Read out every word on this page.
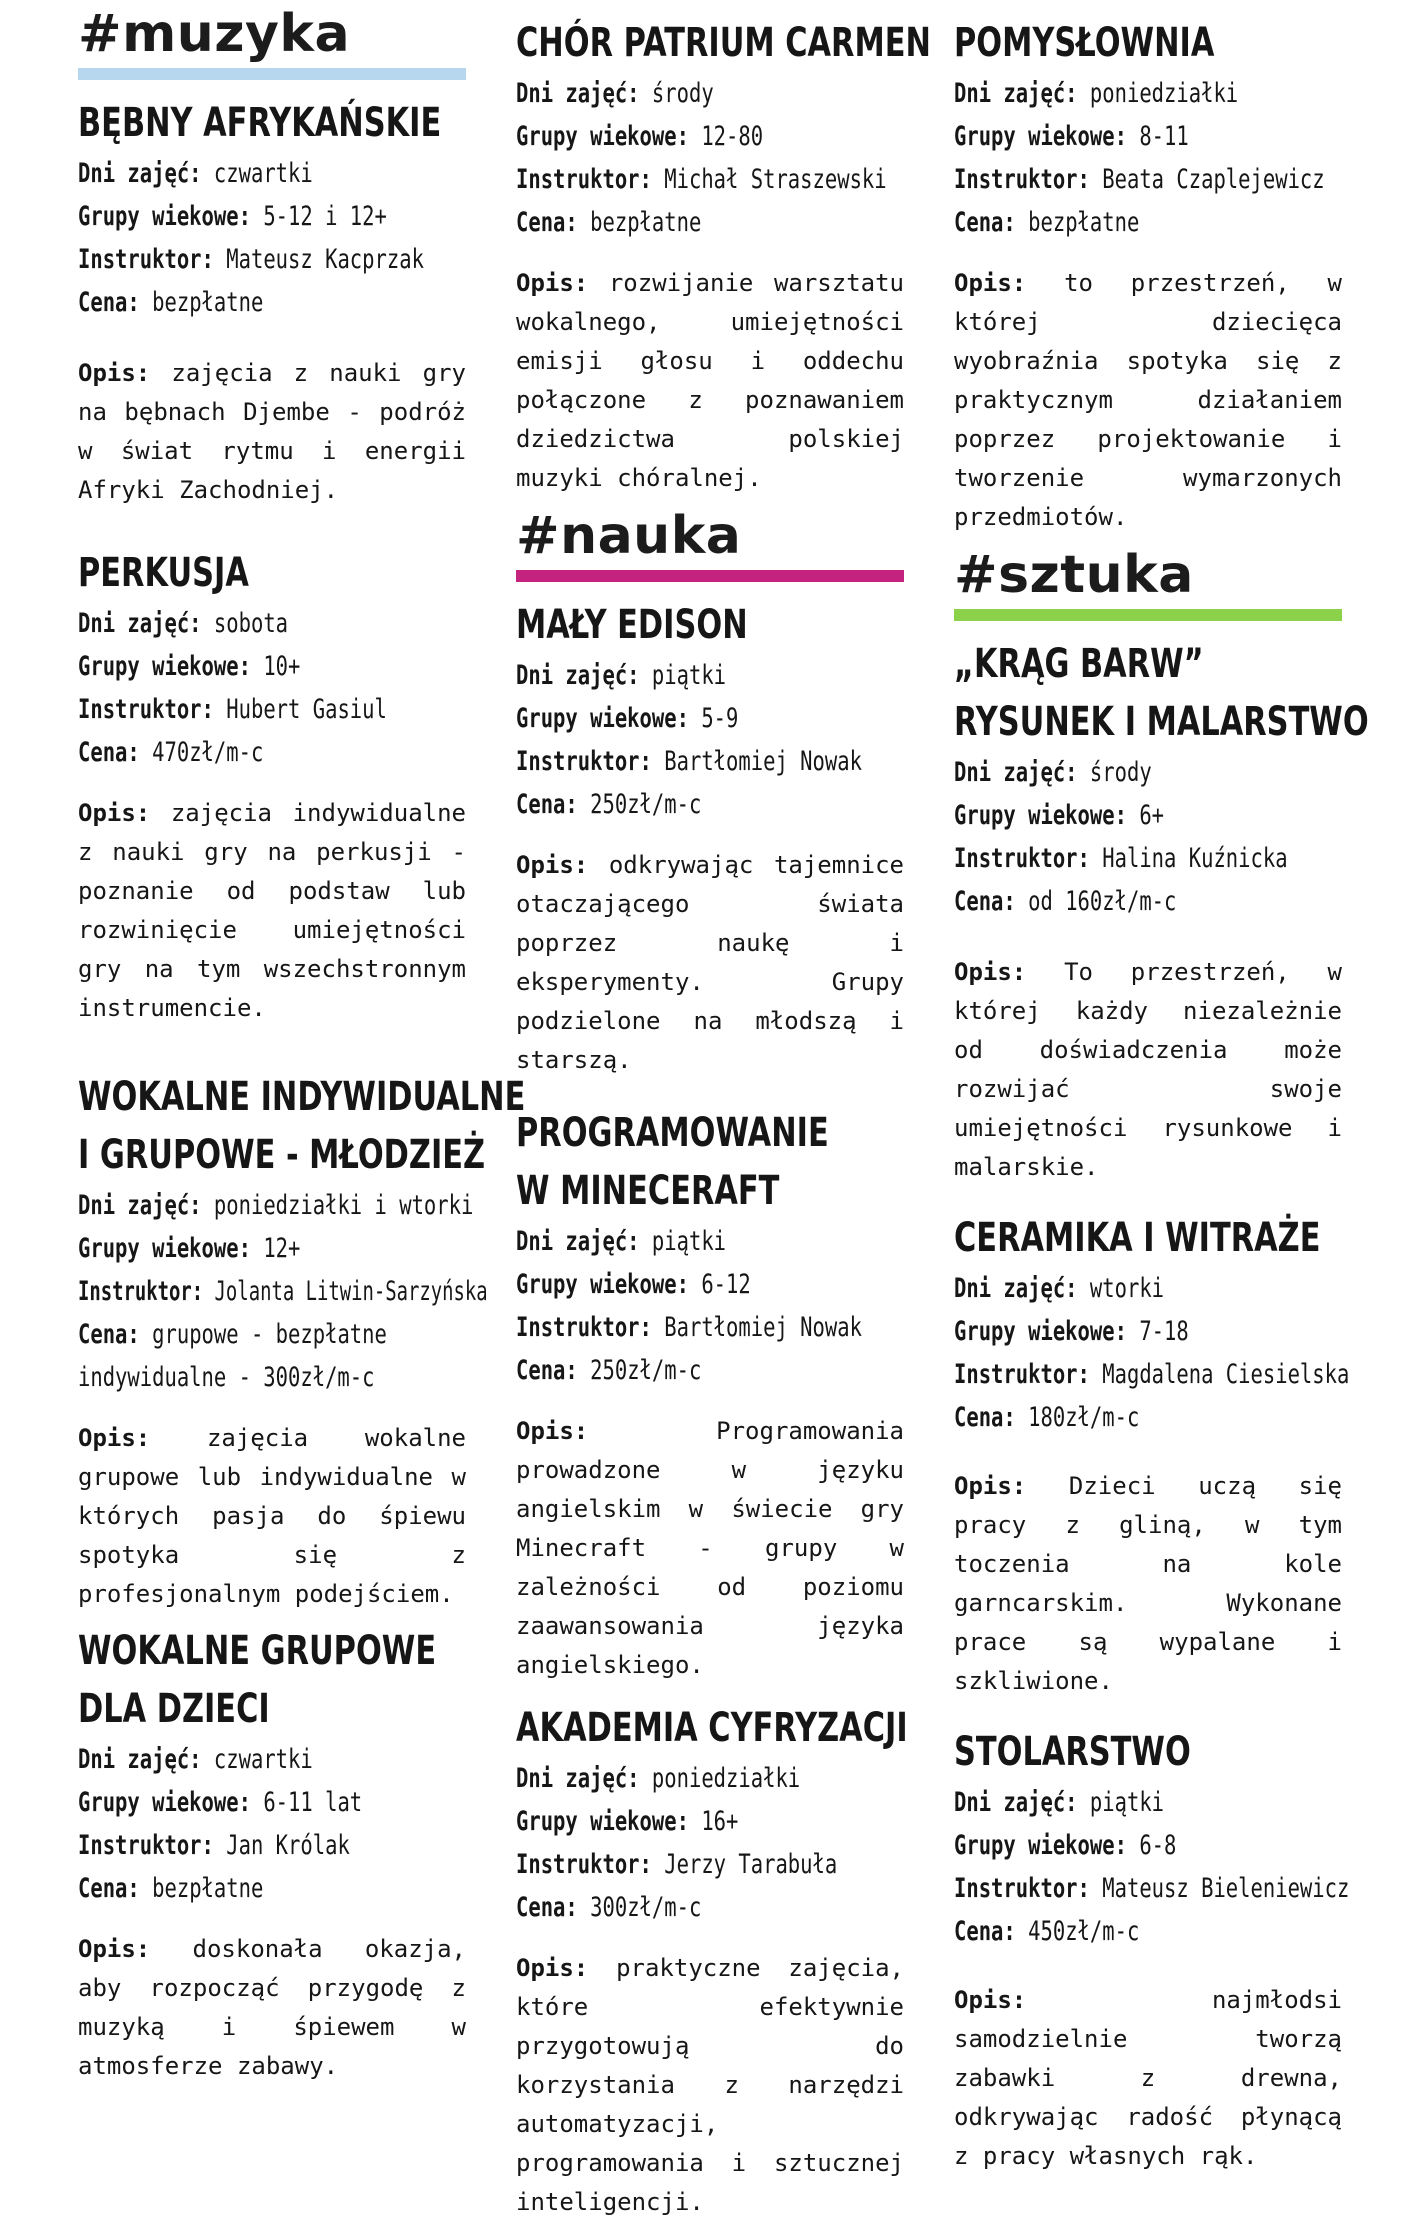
#muzyka
BĘBNY AFRYKAŃSKIE
Dni zajęć: czwartki
Grupy wiekowe: 5-12 i 12+
Instruktor: Mateusz Kacprzak
Cena: bezpłatne
Opis: zajęcia z nauki gry na bębnach Djembe - podróż w świat rytmu i energii Afryki Zachodniej.
PERKUSJA
Dni zajęć: sobota
Grupy wiekowe: 10+
Instruktor: Hubert Gasiul
Cena: 470zł/m-c
Opis: zajęcia indywidualne z nauki gry na perkusji - poznanie od podstaw lub rozwinięcie umiejętności gry na tym wszechstronnym instrumencie.
WOKALNE INDYWIDUALNE
I GRUPOWE - MŁODZIEŻ
Dni zajęć: poniedziałki i wtorki
Grupy wiekowe: 12+
Instruktor: Jolanta Litwin-Sarzyńska
Cena: grupowe - bezpłatne
indywidualne - 300zł/m-c
Opis: zajęcia wokalne grupowe lub indywidualne w których pasja do śpiewu spotyka się z profesjonalnym podejściem.
WOKALNE GRUPOWE
DLA DZIECI
Dni zajęć: czwartki
Grupy wiekowe: 6-11 lat
Instruktor: Jan Królak
Cena: bezpłatne
Opis: doskonała okazja, aby rozpocząć przygodę z muzyką i śpiewem w atmosferze zabawy.
CHÓR PATRIUM CARMEN
Dni zajęć: środy
Grupy wiekowe: 12-80
Instruktor: Michał Straszewski
Cena: bezpłatne
Opis: rozwijanie warsztatu wokalnego, umiejętności emisji głosu i oddechu połączone z poznawaniem dziedzictwa polskiej muzyki chóralnej.
#nauka
MAŁY EDISON
Dni zajęć: piątki
Grupy wiekowe: 5-9
Instruktor: Bartłomiej Nowak
Cena: 250zł/m-c
Opis: odkrywając tajemnice otaczającego świata poprzez naukę i eksperymenty. Grupy podzielone na młodszą i starszą.
PROGRAMOWANIE
W MINECERAFT
Dni zajęć: piątki
Grupy wiekowe: 6-12
Instruktor: Bartłomiej Nowak
Cena: 250zł/m-c
Opis:	Programowania prowadzone w języku angielskim w świecie gry Minecraft - grupy w zależności od poziomu zaawansowania języka angielskiego.
AKADEMIA CYFRYZACJI
Dni zajęć: poniedziałki
Grupy wiekowe: 16+
Instruktor: Jerzy Tarabuła
Cena: 300zł/m-c
Opis: praktyczne zajęcia, które efektywnie przygotowują do korzystania z narzędzi automatyzacji, programowania i sztucznej inteligencji.
POMYSŁOWNIA
Dni zajęć: poniedziałki
Grupy wiekowe: 8-11
Instruktor: Beata Czaplejewicz
Cena: bezpłatne
Opis: to przestrzeń, w której dziecięca wyobraźnia spotyka się z praktycznym działaniem poprzez projektowanie i tworzenie wymarzonych przedmiotów.
#sztuka
„KRĄG BARW”
RYSUNEK I MALARSTWO
Dni zajęć: środy
Grupy wiekowe: 6+
Instruktor: Halina Kuźnicka
Cena: od 160zł/m-c
Opis: To przestrzeń, w której każdy niezależnie od doświadczenia może rozwijać swoje umiejętności rysunkowe i malarskie.
CERAMIKA I WITRAŻE
Dni zajęć: wtorki
Grupy wiekowe: 7-18
Instruktor: Magdalena Ciesielska
Cena: 180zł/m-c
Opis: Dzieci uczą się pracy z gliną, w tym toczenia na kole garncarskim. Wykonane prace są wypalane i szkliwione.
STOLARSTWO
Dni zajęć: piątki
Grupy wiekowe: 6-8
Instruktor: Mateusz Bieleniewicz
Cena: 450zł/m-c
Opis:	najmłodsi samodzielnie tworzą zabawki z drewna, odkrywając radość płynącą z pracy własnych rąk.
